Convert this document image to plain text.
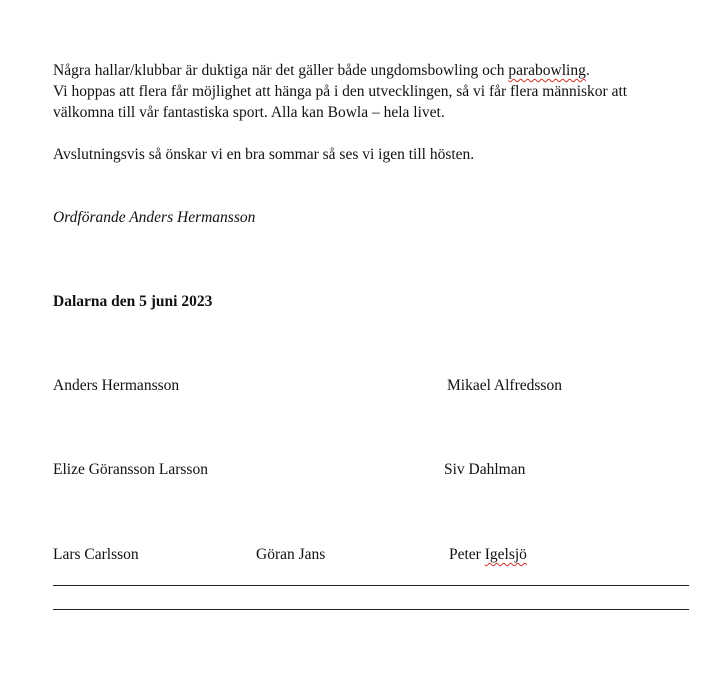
Några hallar/klubbar är duktiga när det gäller både ungdomsbowling och parabowling.
Vi hoppas att flera får möjlighet att hänga på i den utvecklingen, så vi får flera människor att
välkomna till vår fantastiska sport. Alla kan Bowla – hela livet.

Avslutningsvis så önskar vi en bra sommar så ses vi igen till hösten.

Ordförande Anders Hermansson

Dalarna den 5 juni 2023

Anders Hermansson	Mikael Alfredsson
Elize Göransson Larsson	Siv Dahlman
Lars Carlsson	Göran Jans	Peter Igelsjö
